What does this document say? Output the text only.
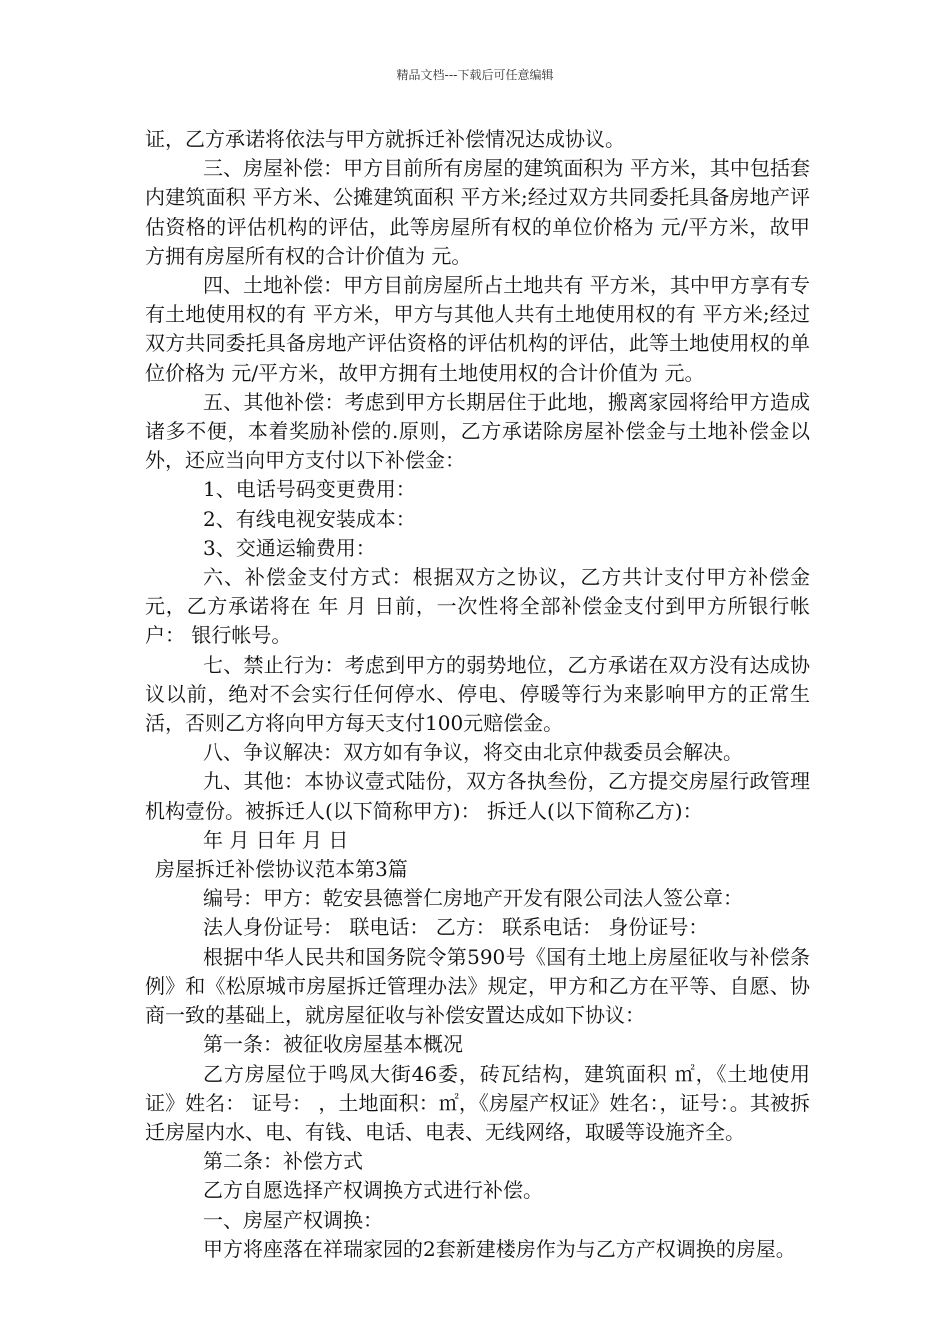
精品文档---下载后可任意编辑

证，乙方承诺将依法与甲方就拆迁补偿情况达成协议。

三、房屋补偿：甲方目前所有房屋的建筑面积为 平方米，其中包括套内建筑面积 平方米、公摊建筑面积 平方米;经过双方共同委托具备房地产评估资格的评估机构的评估，此等房屋所有权的单位价格为 元/平方米，故甲方拥有房屋所有权的合计价值为 元。

四、土地补偿：甲方目前房屋所占土地共有 平方米，其中甲方享有专有土地使用权的有 平方米，甲方与其他人共有土地使用权的有 平方米;经过双方共同委托具备房地产评估资格的评估机构的评估，此等土地使用权的单位价格为 元/平方米，故甲方拥有土地使用权的合计价值为 元。

五、其他补偿：考虑到甲方长期居住于此地，搬离家园将给甲方造成诸多不便，本着奖励补偿的.原则，乙方承诺除房屋补偿金与土地补偿金以外，还应当向甲方支付以下补偿金：

1、电话号码变更费用：

2、有线电视安装成本：

3、交通运输费用：

六、补偿金支付方式：根据双方之协议，乙方共计支付甲方补偿金 元，乙方承诺将在 年 月 日前，一次性将全部补偿金支付到甲方所银行帐户： 银行帐号。

七、禁止行为：考虑到甲方的弱势地位，乙方承诺在双方没有达成协议以前，绝对不会实行任何停水、停电、停暖等行为来影响甲方的正常生活，否则乙方将向甲方每天支付100元赔偿金。

八、争议解决：双方如有争议，将交由北京仲裁委员会解决。

九、其他：本协议壹式陆份，双方各执叁份，乙方提交房屋行政管理机构壹份。被拆迁人(以下简称甲方)： 拆迁人(以下简称乙方)：

年 月 日年 月 日

房屋拆迁补偿协议范本第3篇

编号：甲方：乾安县德誉仁房地产开发有限公司法人签公章：

法人身份证号： 联电话： 乙方： 联系电话： 身份证号：

根据中华人民共和国务院令第590号《国有土地上房屋征收与补偿条例》和《松原城市房屋拆迁管理办法》规定，甲方和乙方在平等、自愿、协商一致的基础上，就房屋征收与补偿安置达成如下协议：

第一条：被征收房屋基本概况

乙方房屋位于鸣凤大街46委，砖瓦结构，建筑面积 ㎡，《土地使用证》姓名： 证号： ，土地面积：㎡，《房屋产权证》姓名：，证号：。其被拆迁房屋内水、电、有钱、电话、电表、无线网络，取暖等设施齐全。

第二条：补偿方式

乙方自愿选择产权调换方式进行补偿。

一、房屋产权调换：

甲方将座落在祥瑞家园的2套新建楼房作为与乙方产权调换的房屋。
